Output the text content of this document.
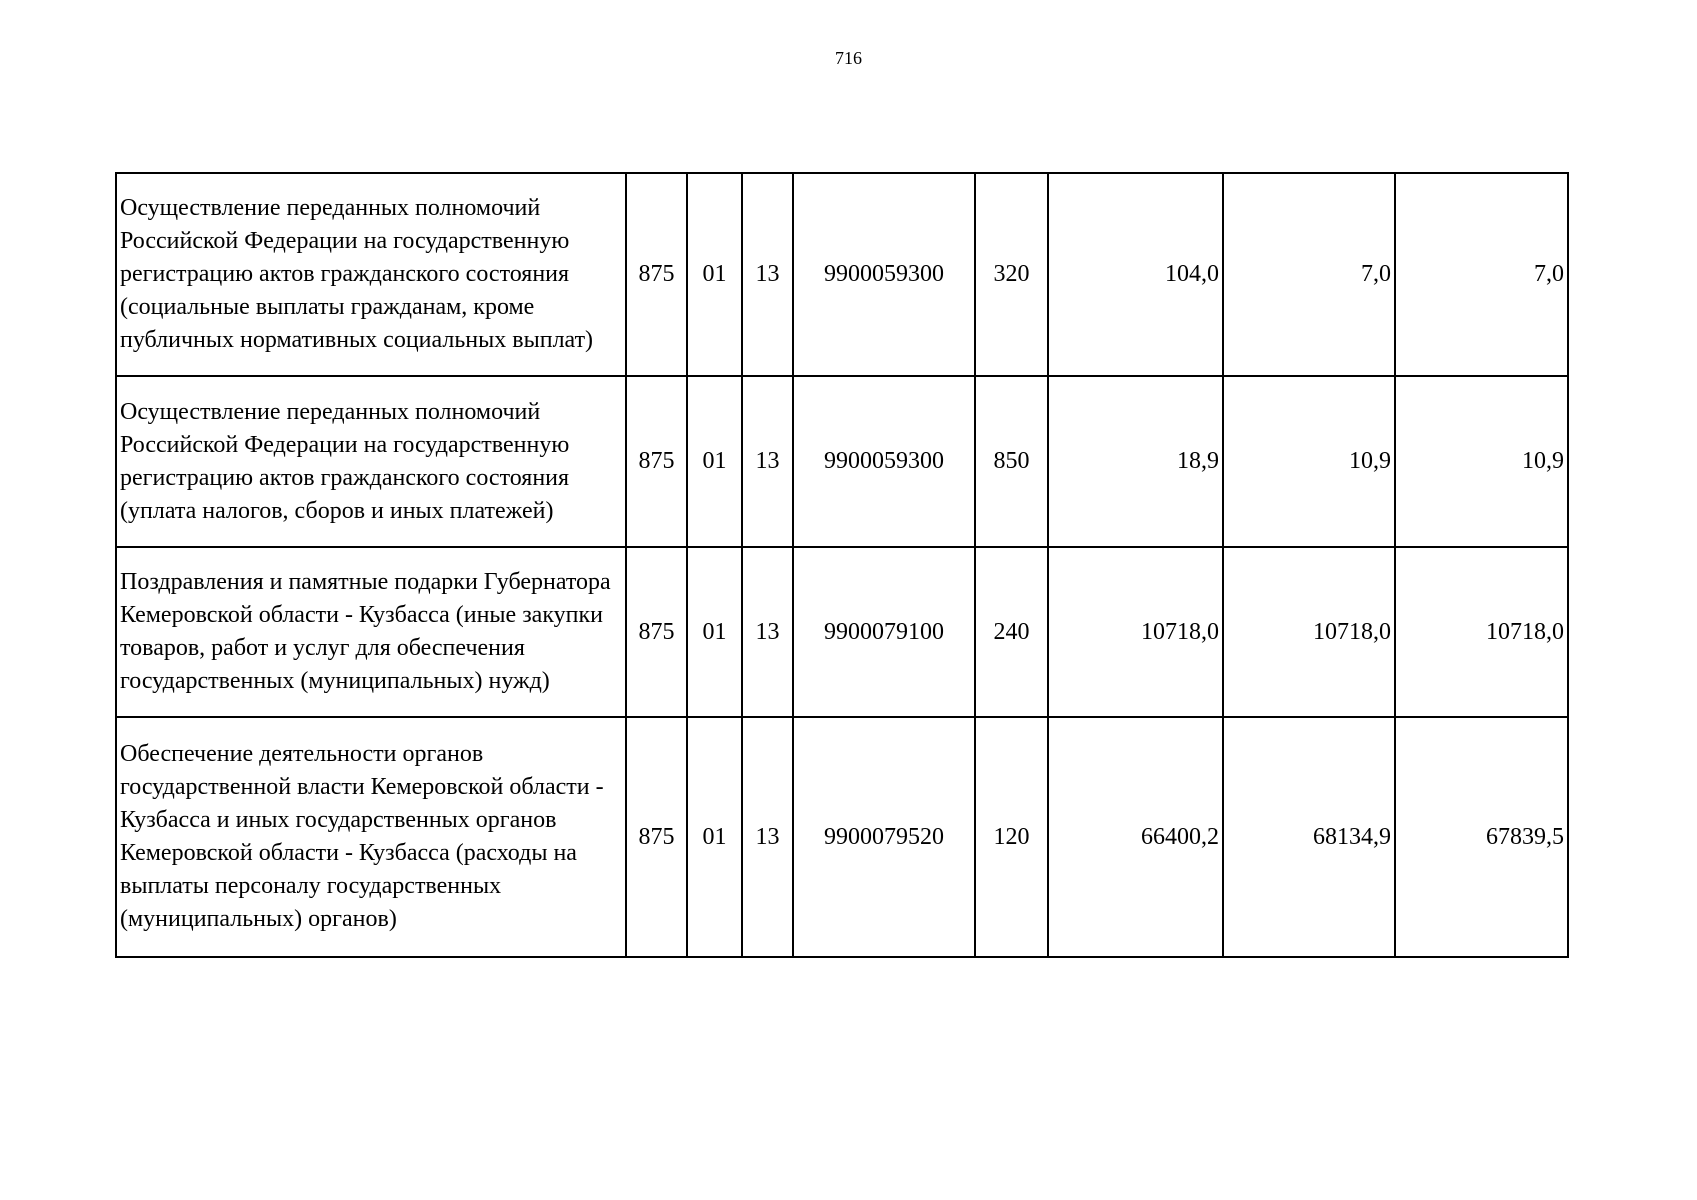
716
Осуществление переданных полномочий Российской Федерации на государственную регистрацию актов гражданского состояния (социальные выплаты гражданам, кроме публичных нормативных социальных выплат)	875	01	13	9900059300	320	104,0	7,0	7,0
Осуществление переданных полномочий Российской Федерации на государственную регистрацию актов гражданского состояния (уплата налогов, сборов и иных платежей)	875	01	13	9900059300	850	18,9	10,9	10,9
Поздравления и памятные подарки Губернатора Кемеровской области - Кузбасса (иные закупки товаров, работ и услуг для обеспечения государственных (муниципальных) нужд)	875	01	13	9900079100	240	10718,0	10718,0	10718,0
Обеспечение деятельности органов государственной власти Кемеровской области - Кузбасса и иных государственных органов Кемеровской области - Кузбасса (расходы на выплаты персоналу государственных (муниципальных) органов)	875	01	13	9900079520	120	66400,2	68134,9	67839,5
